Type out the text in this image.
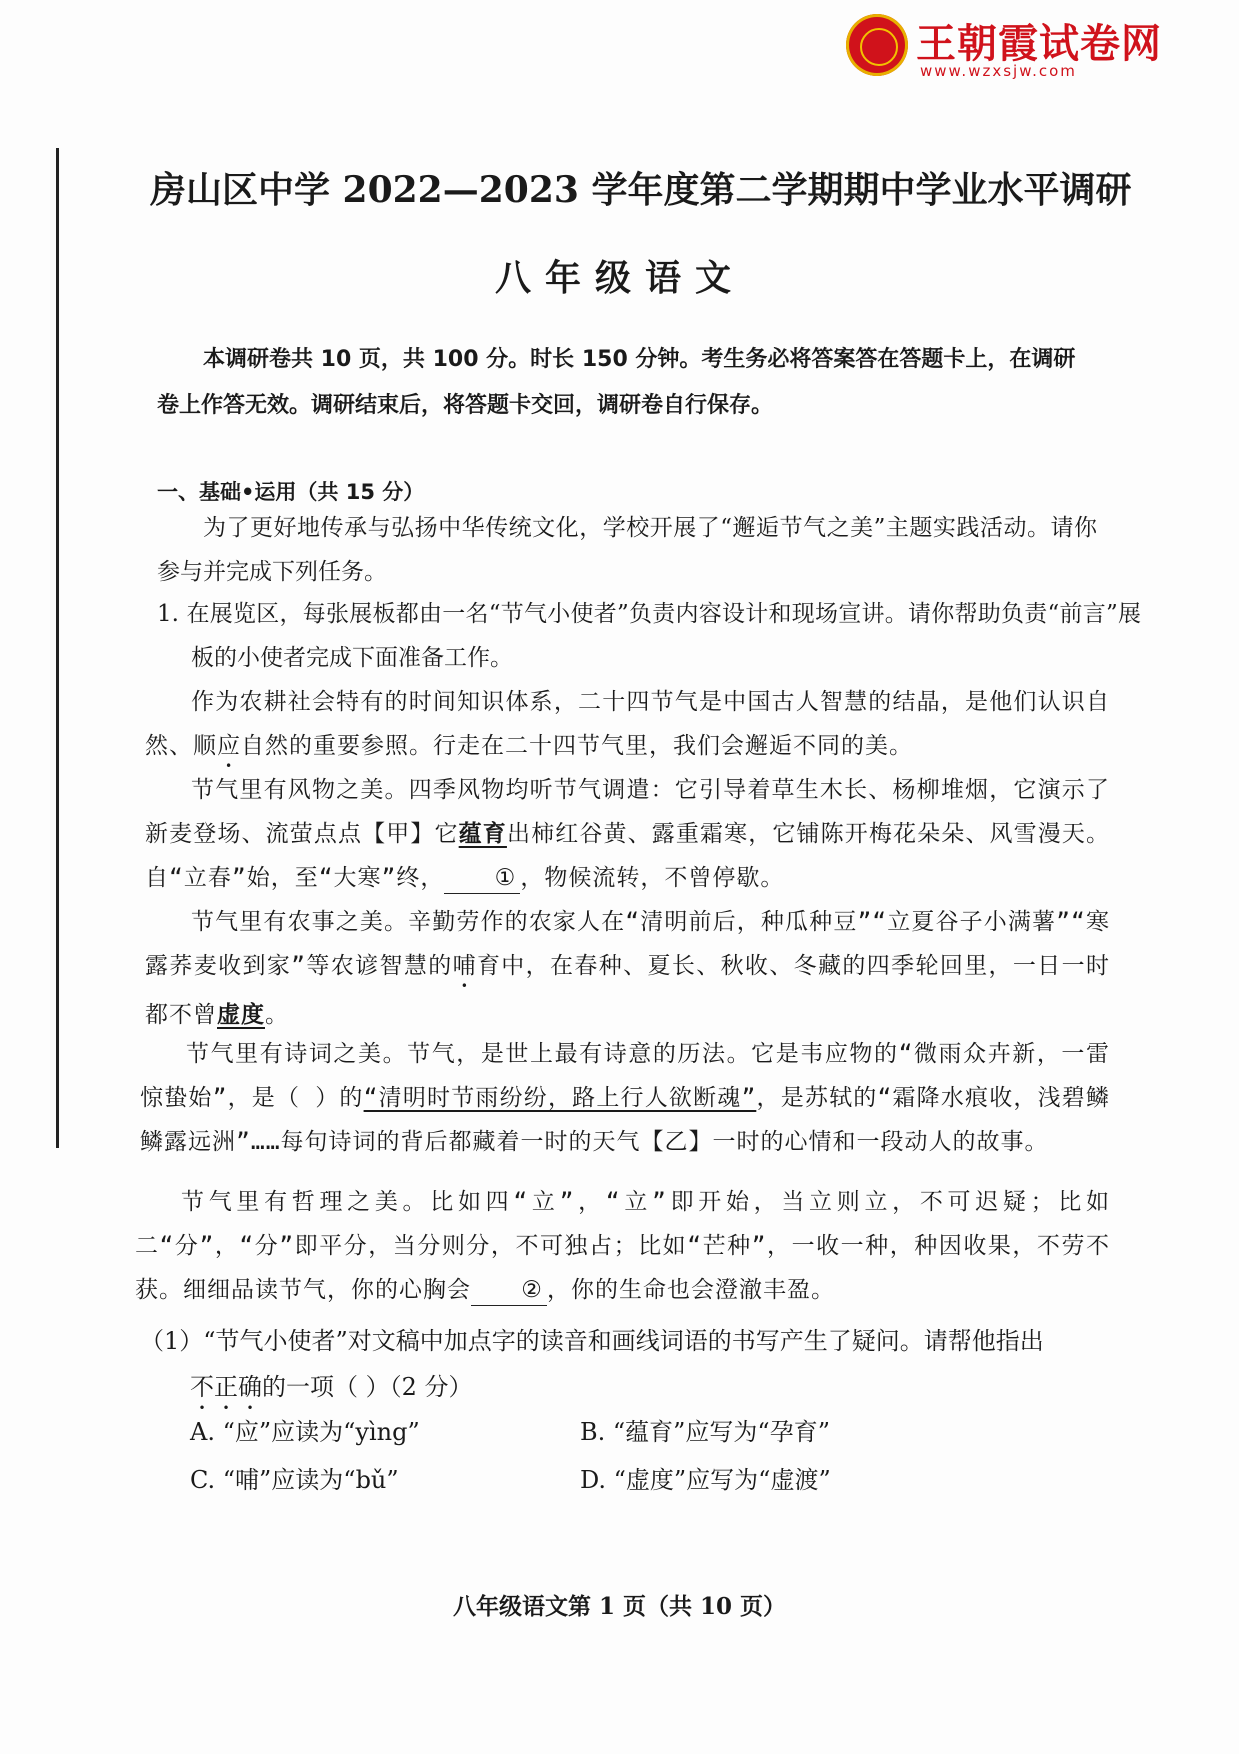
王朝霞试卷网
www.wzxsjw.com
房山区中学 2022—2023 学年度第二学期期中学业水平调研
八年级语文
本调研卷共 10 页，共 100 分。时长 150 分钟。考生务必将答案答在答题卡上，在调研卷上作答无效。调研结束后，将答题卡交回，调研卷自行保存。
一、基础•运用（共 15 分）
为了更好地传承与弘扬中华传统文化，学校开展了“邂逅节气之美”主题实践活动。请你参与并完成下列任务。
1. 在展览区，每张展板都由一名“节气小使者”负责内容设计和现场宣讲。请你帮助负责“前言”展板的小使者完成下面准备工作。
作为农耕社会特有的时间知识体系，二十四节气是中国古人智慧的结晶，是他们认识自然、顺应自然的重要参照。行走在二十四节气里，我们会邂逅不同的美。
节气里有风物之美。四季风物均听节气调遣：它引导着草生木长、杨柳堆烟，它演示了新麦登场、流萤点点【甲】它蕴育出柿红谷黄、露重霜寒，它铺陈开梅花朵朵、风雪漫天。自“立春”始，至“大寒”终， ① ，物候流转，不曾停歇。
节气里有农事之美。辛勤劳作的农家人在“清明前后，种瓜种豆”“立夏谷子小满薯”“寒露荞麦收到家”等农谚智慧的哺育中，在春种、夏长、秋收、冬藏的四季轮回里，一日一时都不曾虚度。
节气里有诗词之美。节气，是世上最有诗意的历法。它是韦应物的“微雨众卉新，一雷惊蛰始”，是（ ）的“清明时节雨纷纷，路上行人欲断魂”，是苏轼的“霜降水痕收，浅碧鳞鳞露远洲”……每句诗词的背后都藏着一时的天气【乙】一时的心情和一段动人的故事。
节气里有哲理之美。比如四“立”，“立”即开始，当立则立，不可迟疑；比如二“分”，“分”即平分，当分则分，不可独占；比如“芒种”，一收一种，种因收果，不劳不获。细细品读节气，你的心胸会 ② ，你的生命也会澄澈丰盈。
（1）“节气小使者”对文稿中加点字的读音和画线词语的书写产生了疑问。请帮他指出
不正确的一项（ ）（2 分）
A. “应”应读为“yìng”	B. “蕴育”应写为“孕育”
C. “哺”应读为“bǔ”	D. “虚度”应写为“虚渡”
八年级语文第 1 页（共 10 页）
